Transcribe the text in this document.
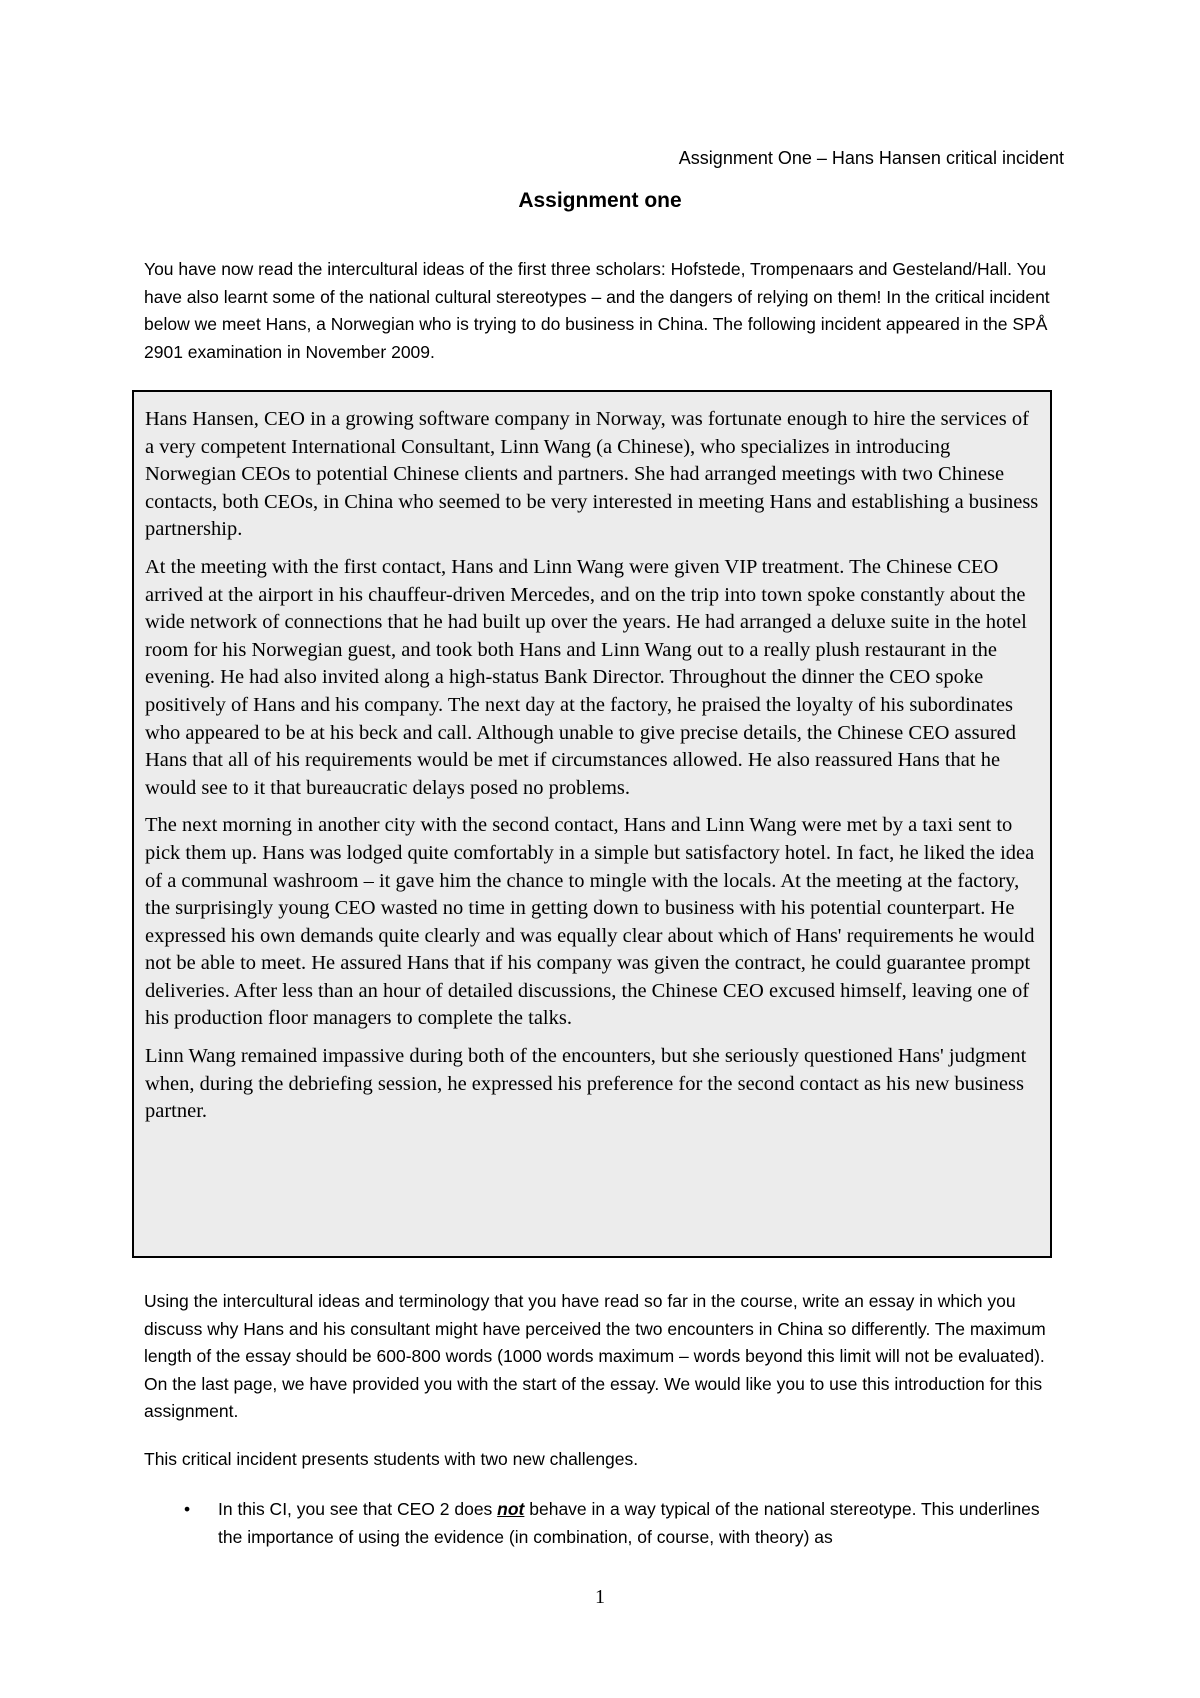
Assignment One – Hans Hansen critical incident
Assignment one

You have now read the intercultural ideas of the first three scholars: Hofstede, Trompenaars and Gesteland/Hall. You have also learnt some of the national cultural stereotypes – and the dangers of relying on them! In the critical incident below we meet Hans, a Norwegian who is trying to do business in China. The following incident appeared in the SPÅ 2901 examination in November 2009.

Hans Hansen, CEO in a growing software company in Norway, was fortunate enough to hire the services of a very competent International Consultant, Linn Wang (a Chinese), who specializes in introducing Norwegian CEOs to potential Chinese clients and partners. She had arranged meetings with two Chinese contacts, both CEOs, in China who seemed to be very interested in meeting Hans and establishing a business partnership.

At the meeting with the first contact, Hans and Linn Wang were given VIP treatment. The Chinese CEO arrived at the airport in his chauffeur-driven Mercedes, and on the trip into town spoke constantly about the wide network of connections that he had built up over the years. He had arranged a deluxe suite in the hotel room for his Norwegian guest, and took both Hans and Linn Wang out to a really plush restaurant in the evening. He had also invited along a high-status Bank Director. Throughout the dinner the CEO spoke positively of Hans and his company. The next day at the factory, he praised the loyalty of his subordinates who appeared to be at his beck and call. Although unable to give precise details, the Chinese CEO assured Hans that all of his requirements would be met if circumstances allowed. He also reassured Hans that he would see to it that bureaucratic delays posed no problems.

The next morning in another city with the second contact, Hans and Linn Wang were met by a taxi sent to pick them up. Hans was lodged quite comfortably in a simple but satisfactory hotel. In fact, he liked the idea of a communal washroom – it gave him the chance to mingle with the locals. At the meeting at the factory, the surprisingly young CEO wasted no time in getting down to business with his potential counterpart. He expressed his own demands quite clearly and was equally clear about which of Hans' requirements he would not be able to meet. He assured Hans that if his company was given the contract, he could guarantee prompt deliveries. After less than an hour of detailed discussions, the Chinese CEO excused himself, leaving one of his production floor managers to complete the talks.

Linn Wang remained impassive during both of the encounters, but she seriously questioned Hans' judgment when, during the debriefing session, he expressed his preference for the second contact as his new business partner.

Using the intercultural ideas and terminology that you have read so far in the course, write an essay in which you discuss why Hans and his consultant might have perceived the two encounters in China so differently. The maximum length of the essay should be 600-800 words (1000 words maximum – words beyond this limit will not be evaluated). On the last page, we have provided you with the start of the essay. We would like you to use this introduction for this assignment.

This critical incident presents students with two new challenges.

• In this CI, you see that CEO 2 does not behave in a way typical of the national stereotype. This underlines the importance of using the evidence (in combination, of course, with theory) as
1
